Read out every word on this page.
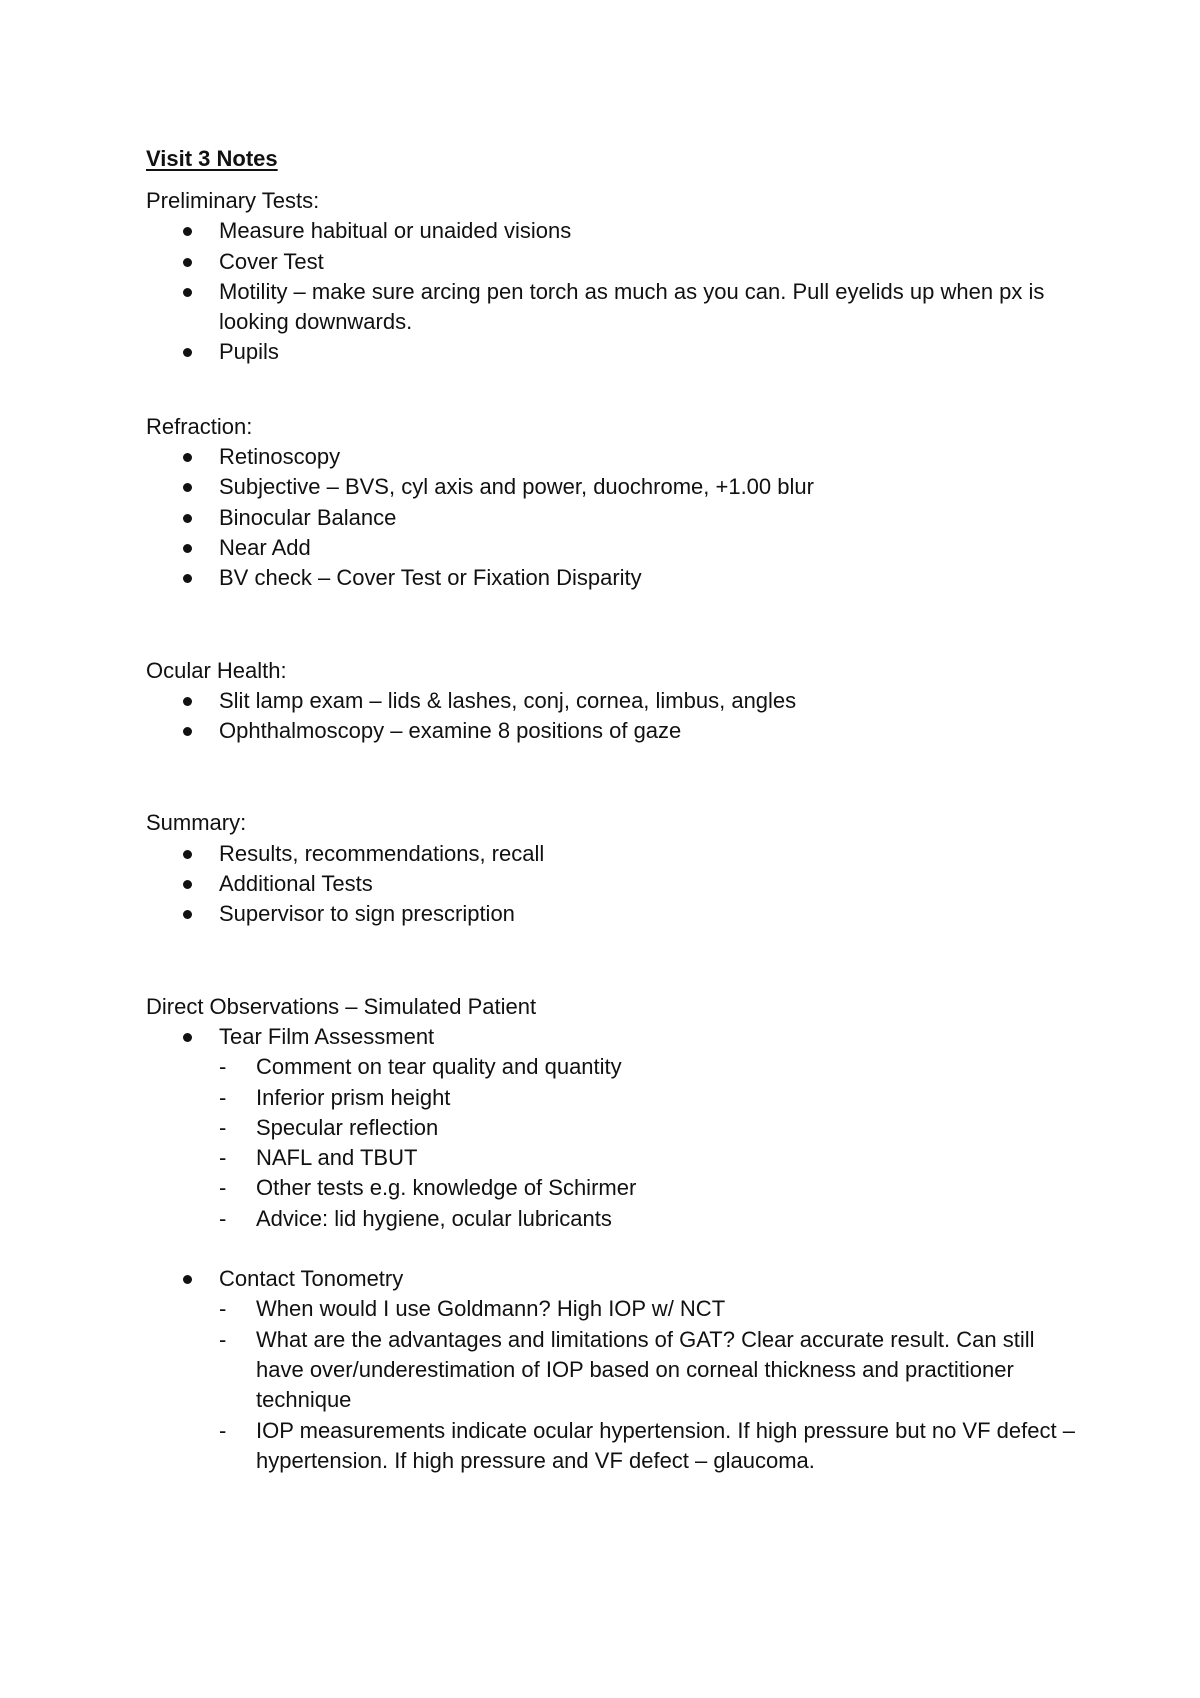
Visit 3 Notes

Preliminary Tests:

Measure habitual or unaided visions
Cover Test
Motility – make sure arcing pen torch as much as you can. Pull eyelids up when px is looking downwards.
Pupils

Refraction:

Retinoscopy
Subjective – BVS, cyl axis and power, duochrome, +1.00 blur
Binocular Balance
Near Add
BV check – Cover Test or Fixation Disparity

Ocular Health:

Slit lamp exam – lids & lashes, conj, cornea, limbus, angles
Ophthalmoscopy – examine 8 positions of gaze

Summary:

Results, recommendations, recall
Additional Tests
Supervisor to sign prescription

Direct Observations – Simulated Patient

Tear Film Assessment
- Comment on tear quality and quantity
- Inferior prism height
- Specular reflection
- NAFL and TBUT
- Other tests e.g. knowledge of Schirmer
- Advice: lid hygiene, ocular lubricants
Contact Tonometry
- When would I use Goldmann? High IOP w/ NCT
- What are the advantages and limitations of GAT? Clear accurate result. Can still have over/underestimation of IOP based on corneal thickness and practitioner technique
- IOP measurements indicate ocular hypertension. If high pressure but no VF defect – hypertension. If high pressure and VF defect – glaucoma.
